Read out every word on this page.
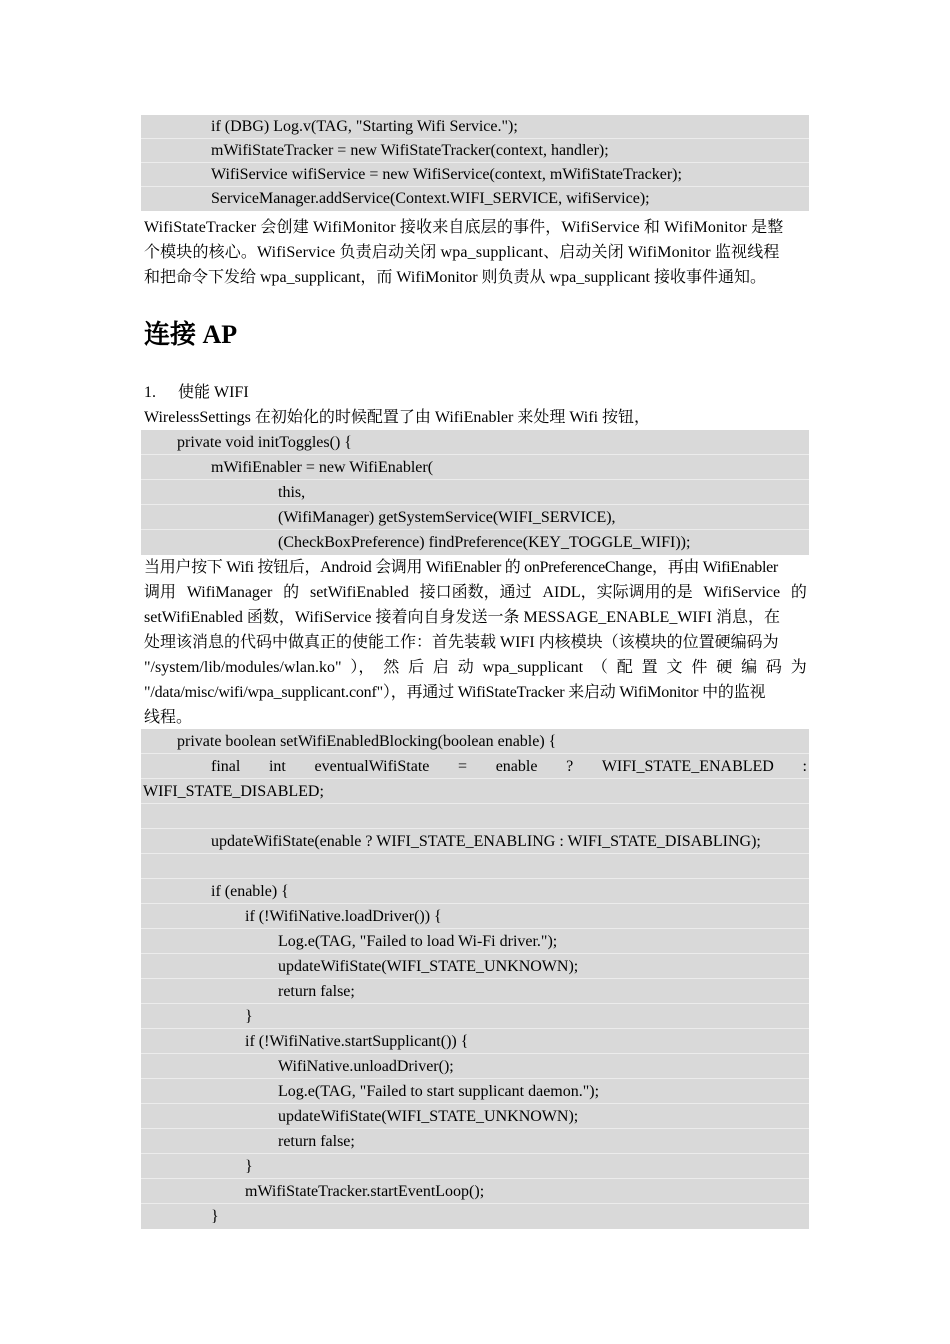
if (DBG) Log.v(TAG, "Starting Wifi Service.");
mWifiStateTracker = new WifiStateTracker(context, handler);
WifiService wifiService = new WifiService(context, mWifiStateTracker);
ServiceManager.addService(Context.WIFI_SERVICE, wifiService);
WifiStateTracker 会创建 WifiMonitor 接收来自底层的事件，WifiService 和 WifiMonitor 是整
个模块的核心。WifiService 负责启动关闭 wpa_supplicant、启动关闭 WifiMonitor 监视线程
和把命令下发给 wpa_supplicant，而 WifiMonitor 则负责从 wpa_supplicant 接收事件通知。
连接 AP
1. 使能 WIFI
WirelessSettings 在初始化的时候配置了由 WifiEnabler 来处理 Wifi 按钮，
private void initToggles() {
mWifiEnabler = new WifiEnabler(
this,
(WifiManager) getSystemService(WIFI_SERVICE),
(CheckBoxPreference) findPreference(KEY_TOGGLE_WIFI));
当用户按下 Wifi 按钮后，Android 会调用 WifiEnabler 的 onPreferenceChange，再由 WifiEnabler
调用 WifiManager 的 setWifiEnabled 接口函数，通过 AIDL，实际调用的是 WifiService 的
setWifiEnabled 函数，WifiService 接着向自身发送一条 MESSAGE_ENABLE_WIFI 消息，在
处理该消息的代码中做真正的使能工作：首先装载 WIFI 内核模块（该模块的位置硬编码为
"/system/lib/modules/wlan.ko" ）， 然 后 启 动 wpa_supplicant （ 配 置 文 件 硬 编 码 为
"/data/misc/wifi/wpa_supplicant.conf"），再通过 WifiStateTracker 来启动 WifiMonitor 中的监视
线程。
private boolean setWifiEnabledBlocking(boolean enable) {
final int eventualWifiState = enable ? WIFI_STATE_ENABLED :
WIFI_STATE_DISABLED;
updateWifiState(enable ? WIFI_STATE_ENABLING : WIFI_STATE_DISABLING);
if (enable) {
if (!WifiNative.loadDriver()) {
Log.e(TAG, "Failed to load Wi-Fi driver.");
updateWifiState(WIFI_STATE_UNKNOWN);
return false;
}
if (!WifiNative.startSupplicant()) {
WifiNative.unloadDriver();
Log.e(TAG, "Failed to start supplicant daemon.");
updateWifiState(WIFI_STATE_UNKNOWN);
return false;
}
mWifiStateTracker.startEventLoop();
}
